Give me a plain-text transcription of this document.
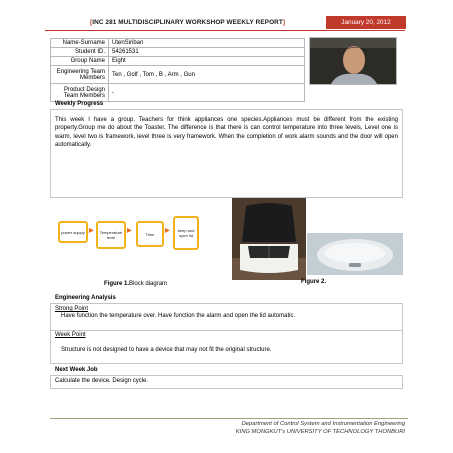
[INC 281 MULTIDISCIPLINARY WORKSHOP WEEKLY REPORT]	January 20, 2012
Name-Surname	UtenSiriban
Student ID.	54261531
Group Name	Eight
Engineering Team Members	Ten , Golf , Tom , B , Arm , Gun
Product Design Team Members	-
Weekly Progress
This week I have a group. Teachers for think appliances one species.Appliances must be different from the existing property.Group me do about the Toaster. The difference is that there is can control temperature into three levels, Level one is warm, level two is framework, level three is very framework. When the completion of work alarm sounds and the door will open automatically.
power supply ▶	Temperature level
▶	Time	▶	beep and open lid
Figure 1.Block diagram	Figure 2.
Engineering Analysis
Strong Point
Have function the temperature over. Have function the alarm and open the lid automatic.
Week Point
Structure is not designed to have a device that may not fit the original structure.
Next Week Job
Calculate the device. Design cycle.
Department of Control System and Instrumentation Engineering
KING MONGKUT's UNIVERSITY OF TECHNOLOGY THONBURI
